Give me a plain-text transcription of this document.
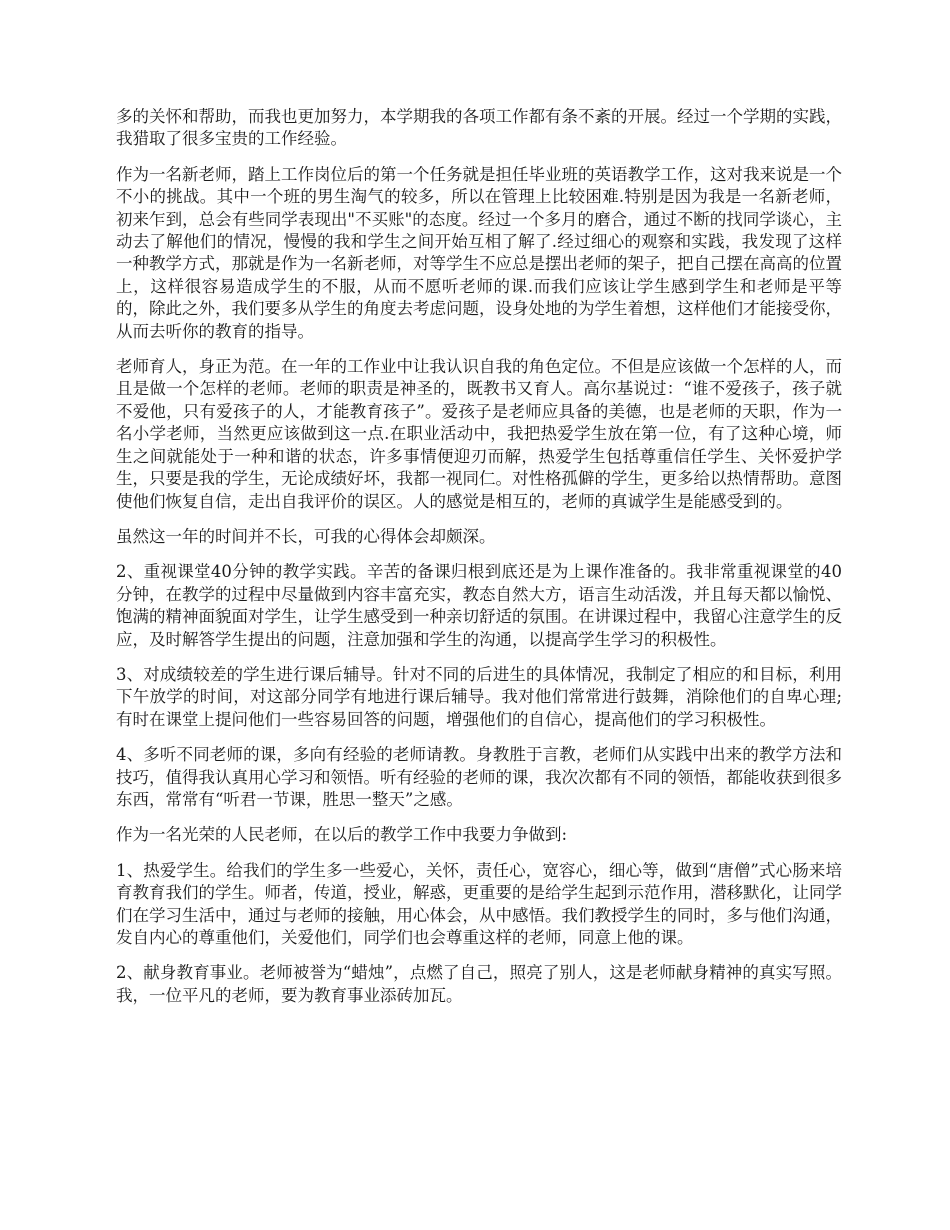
多的关怀和帮助，而我也更加努力，本学期我的各项工作都有条不紊的开展。经过一个学期的实践，我猎取了很多宝贵的工作经验。

作为一名新老师，踏上工作岗位后的第一个任务就是担任毕业班的英语教学工作，这对我来说是一个不小的挑战。其中一个班的男生淘气的较多，所以在管理上比较困难.特别是因为我是一名新老师，初来乍到，总会有些同学表现出"不买账"的态度。经过一个多月的磨合，通过不断的找同学谈心，主动去了解他们的情况，慢慢的我和学生之间开始互相了解了.经过细心的观察和实践，我发现了这样一种教学方式，那就是作为一名新老师，对等学生不应总是摆出老师的架子，把自己摆在高高的位置上，这样很容易造成学生的不服，从而不愿听老师的课.而我们应该让学生感到学生和老师是平等的，除此之外，我们要多从学生的角度去考虑问题，设身处地的为学生着想，这样他们才能接受你，从而去听你的教育的指导。

老师育人，身正为范。在一年的工作业中让我认识自我的角色定位。不但是应该做一个怎样的人，而且是做一个怎样的老师。老师的职责是神圣的，既教书又育人。高尔基说过：“谁不爱孩子，孩子就不爱他，只有爱孩子的人，才能教育孩子”。爱孩子是老师应具备的美德，也是老师的天职，作为一名小学老师，当然更应该做到这一点.在职业活动中，我把热爱学生放在第一位，有了这种心境，师生之间就能处于一种和谐的状态，许多事情便迎刃而解，热爱学生包括尊重信任学生、关怀爱护学生，只要是我的学生，无论成绩好坏，我都一视同仁。对性格孤僻的学生，更多给以热情帮助。意图使他们恢复自信，走出自我评价的误区。人的感觉是相互的，老师的真诚学生是能感受到的。

虽然这一年的时间并不长，可我的心得体会却颇深。

2、重视课堂40分钟的教学实践。辛苦的备课归根到底还是为上课作准备的。我非常重视课堂的40分钟，在教学的过程中尽量做到内容丰富充实，教态自然大方，语言生动活泼，并且每天都以愉悦、饱满的精神面貌面对学生，让学生感受到一种亲切舒适的氛围。在讲课过程中，我留心注意学生的反应，及时解答学生提出的问题，注意加强和学生的沟通，以提高学生学习的积极性。

3、对成绩较差的学生进行课后辅导。针对不同的后进生的具体情况，我制定了相应的和目标，利用下午放学的时间，对这部分同学有地进行课后辅导。我对他们常常进行鼓舞，消除他们的自卑心理;有时在课堂上提问他们一些容易回答的问题，增强他们的自信心，提高他们的学习积极性。

4、多听不同老师的课，多向有经验的老师请教。身教胜于言教，老师们从实践中出来的教学方法和技巧，值得我认真用心学习和领悟。听有经验的老师的课，我次次都有不同的领悟，都能收获到很多东西，常常有“听君一节课，胜思一整天”之感。

作为一名光荣的人民老师，在以后的教学工作中我要力争做到:

1、热爱学生。给我们的学生多一些爱心，关怀，责任心，宽容心，细心等，做到“唐僧”式心肠来培育教育我们的学生。师者，传道，授业，解惑，更重要的是给学生起到示范作用，潜移默化，让同学们在学习生活中，通过与老师的接触，用心体会，从中感悟。我们教授学生的同时，多与他们沟通，发自内心的尊重他们，关爱他们，同学们也会尊重这样的老师，同意上他的课。

2、献身教育事业。老师被誉为“蜡烛”，点燃了自己，照亮了别人，这是老师献身精神的真实写照。我，一位平凡的老师，要为教育事业添砖加瓦。
